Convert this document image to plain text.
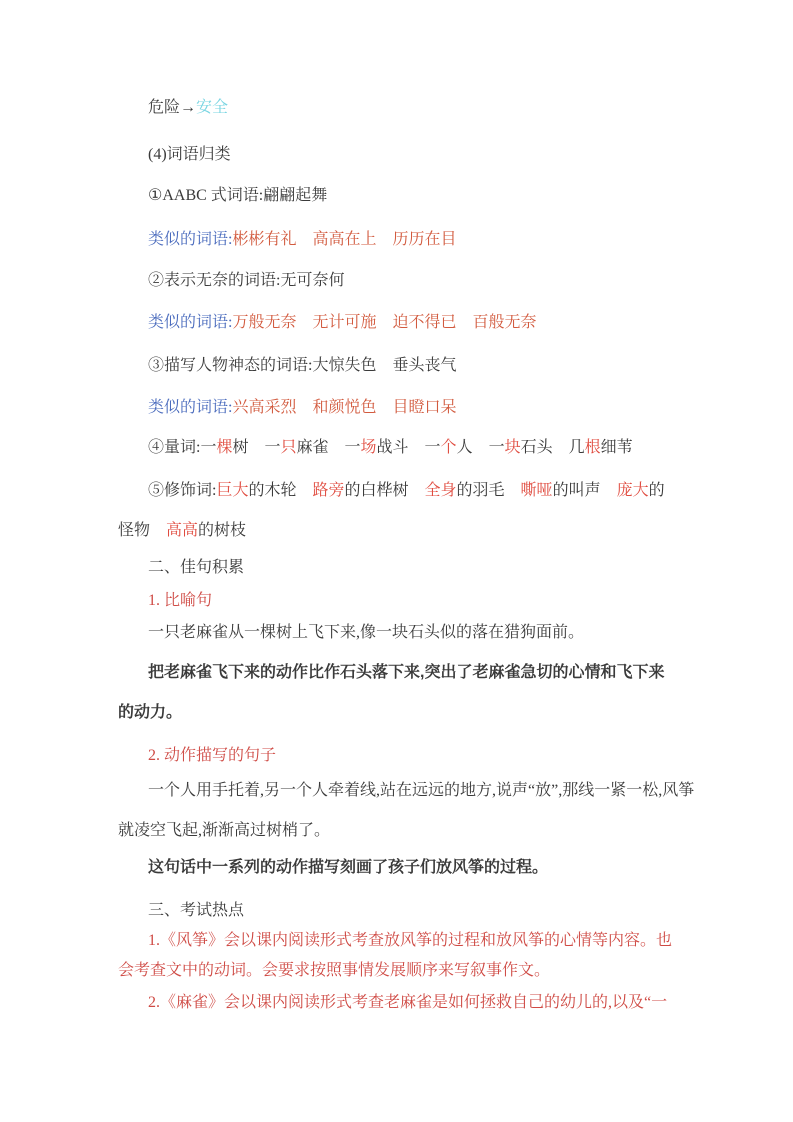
危险→安全

(4)词语归类

①AABC 式词语:翩翩起舞

类似的词语:彬彬有礼　高高在上　历历在目

②表示无奈的词语:无可奈何

类似的词语:万般无奈　无计可施　迫不得已　百般无奈

③描写人物神态的词语:大惊失色　垂头丧气

类似的词语:兴高采烈　和颜悦色　目瞪口呆

④量词:一棵树　一只麻雀　一场战斗　一个人　一块石头　几根细苇

⑤修饰词:巨大的木轮　路旁的白桦树　全身的羽毛　嘶哑的叫声　庞大的怪物　高高的树枝

二、佳句积累

1. 比喻句

一只老麻雀从一棵树上飞下来,像一块石头似的落在猎狗面前。

把老麻雀飞下来的动作比作石头落下来,突出了老麻雀急切的心情和飞下来的动力。

2. 动作描写的句子

一个人用手托着,另一个人牵着线,站在远远的地方,说声“放”,那线一紧一松,风筝就凌空飞起,渐渐高过树梢了。

这句话中一系列的动作描写刻画了孩子们放风筝的过程。

三、考试热点

1.《风筝》会以课内阅读形式考查放风筝的过程和放风筝的心情等内容。也会考查文中的动词。会要求按照事情发展顺序来写叙事作文。

2.《麻雀》会以课内阅读形式考查老麻雀是如何拯救自己的幼儿的,以及“一
